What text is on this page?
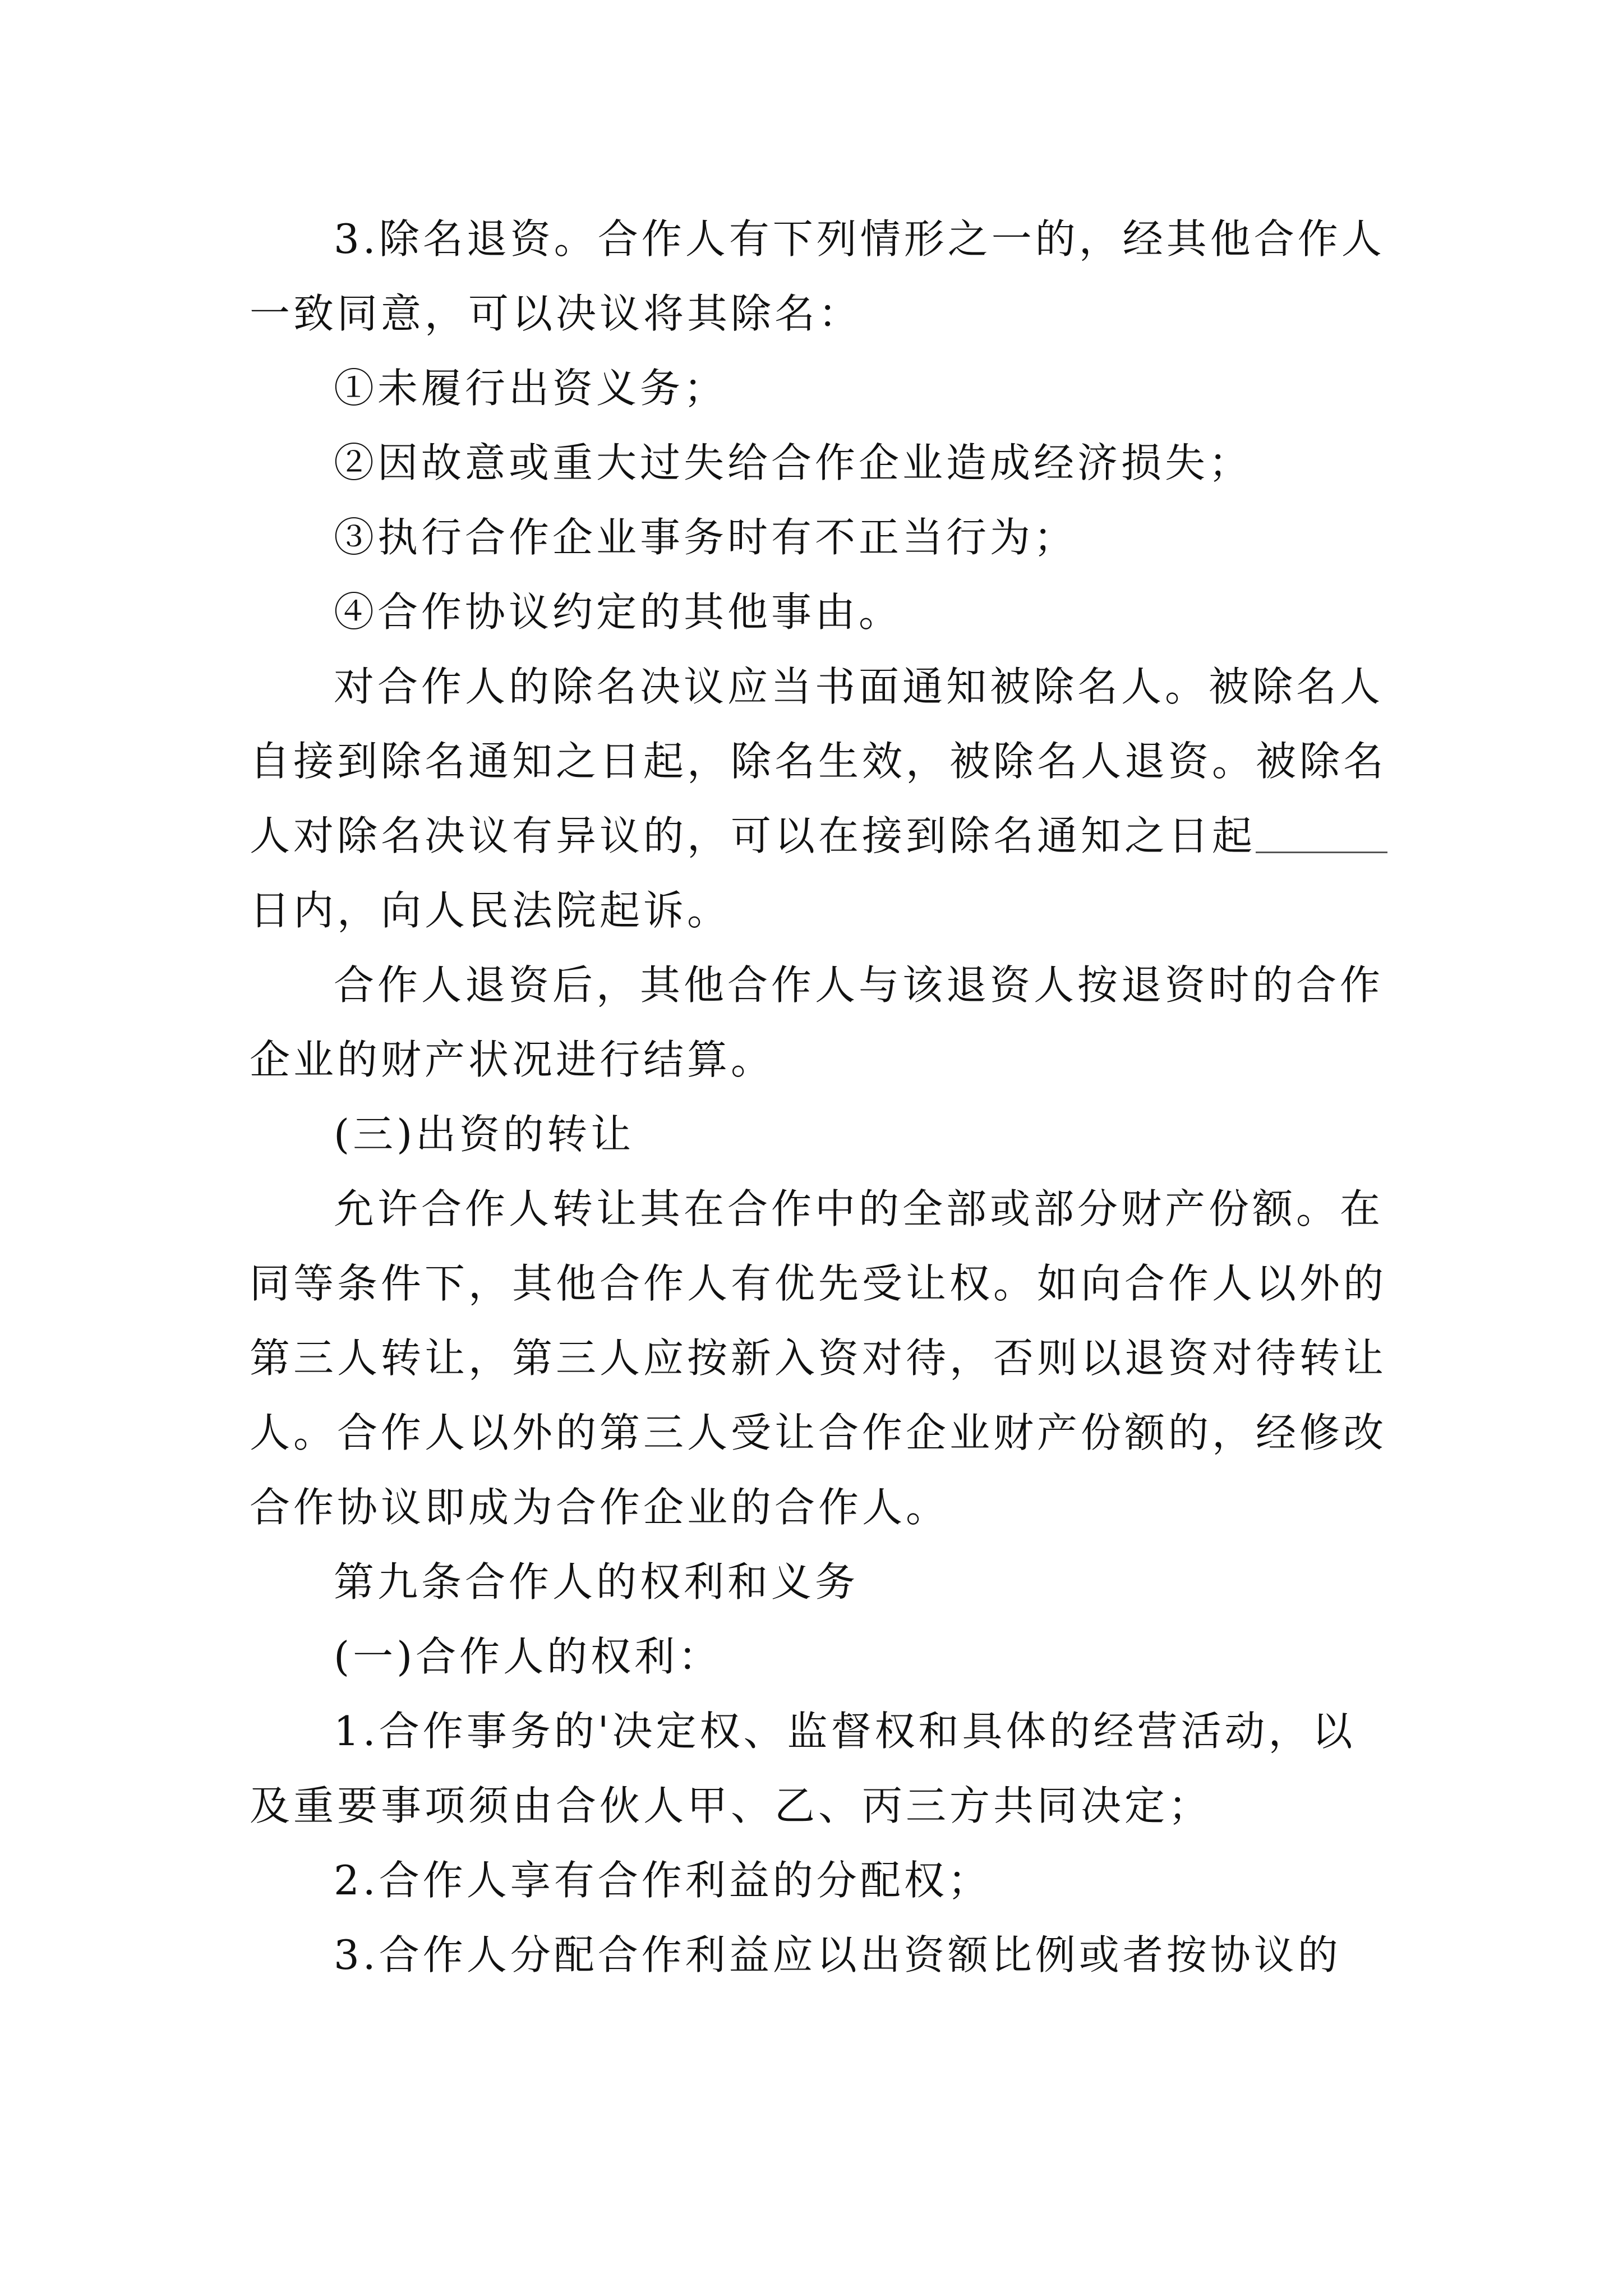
3.除名退资。合作人有下列情形之一的，经其他合作人
一致同意，可以决议将其除名：
①未履行出资义务；
②因故意或重大过失给合作企业造成经济损失；
③执行合作企业事务时有不正当行为；
④合作协议约定的其他事由。
对合作人的除名决议应当书面通知被除名人。被除名人
自接到除名通知之日起，除名生效，被除名人退资。被除名
人对除名决议有异议的，可以在接到除名通知之日起
日内，向人民法院起诉。
合作人退资后，其他合作人与该退资人按退资时的合作
企业的财产状况进行结算。
(三)出资的转让
允许合作人转让其在合作中的全部或部分财产份额。在
同等条件下，其他合作人有优先受让权。如向合作人以外的
第三人转让，第三人应按新入资对待，否则以退资对待转让
人。合作人以外的第三人受让合作企业财产份额的，经修改
合作协议即成为合作企业的合作人。
第九条合作人的权利和义务
(一)合作人的权利：
1.合作事务的'决定权、监督权和具体的经营活动，以
及重要事项须由合伙人甲、乙、丙三方共同决定；
2.合作人享有合作利益的分配权；
3.合作人分配合作利益应以出资额比例或者按协议的
